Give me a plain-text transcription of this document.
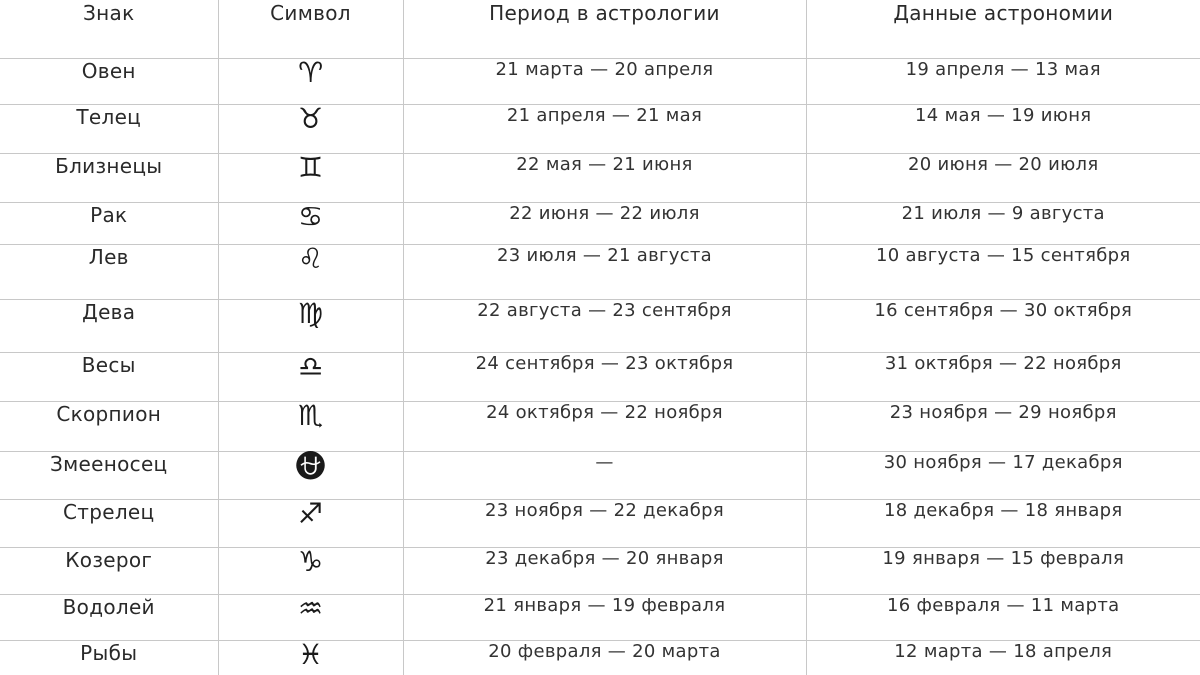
Знак	Символ	Период в астрологии	Данные астрономии
Овен	♈︎	21 марта — 20 апреля	19 апреля — 13 мая
Телец	♉︎	21 апреля — 21 мая	14 мая — 19 июня
Близнецы	♊︎	22 мая — 21 июня	20 июня — 20 июля
Рак	♋︎	22 июня — 22 июля	21 июля — 9 августа
Лев	♌︎	23 июля — 21 августа	10 августа — 15 сентября
Дева	♍︎	22 августа — 23 сентября	16 сентября — 30 октября
Весы	♎︎	24 сентября — 23 октября	31 октября — 22 ноября
Скорпион	♏︎	24 октября — 22 ноября	23 ноября — 29 ноября
Змееносец	⛎︎	—	30 ноября — 17 декабря
Стрелец	♐︎	23 ноября — 22 декабря	18 декабря — 18 января
Козерог	♑︎	23 декабря — 20 января	19 января — 15 февраля
Водолей	♒︎	21 января — 19 февраля	16 февраля — 11 марта
Рыбы	♓︎	20 февраля — 20 марта	12 марта — 18 апреля
